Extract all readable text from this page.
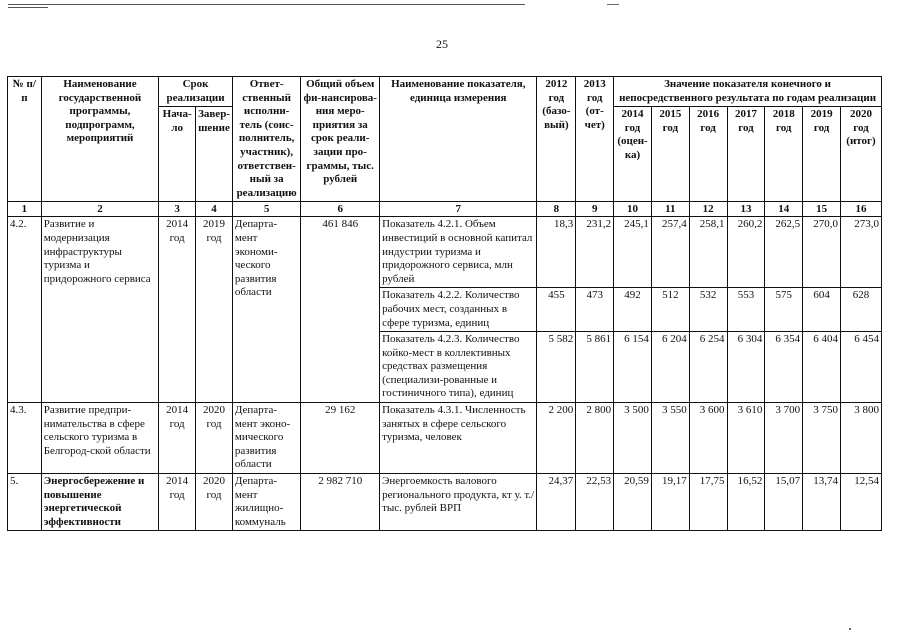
25
№ п/п	Наименование государственной программы, подпрограмм, мероприятий	Срок реализации		Ответ-ственный исполни-тель (соис-полнитель, участник), ответствен-ный за реализацию	Общий объем фи-нансирова-ния меро-приятия за срок реали-зации про-граммы, тыс. рублей	Наименование показателя, единица измерения	2012 год (базо-вый)	2013 год (от-чет)	Значение показателя конечного и непосредственного результата по годам реализации						
		Нача-ло	Завер-шение						2014 год (оцен-ка)	2015 год	2016 год	2017 год	2018 год	2019 год	2020 год (итог)

1	2	3	4	5	6	7	8	9	10	11	12	13	14	15	16
4.2.	Развитие и модернизация инфраструктуры туризма и придорожного сервиса	2014 год	2019 год	Департа-мент экономи-ческого развития области	461 846	Показатель 4.2.1. Объем инвестиций в основной капитал индустрии туризма и придорожного сервиса, млн рублей	18,3	231,2	245,1	257,4	258,1	260,2	262,5	270,0	273,0
						Показатель 4.2.2. Количество рабочих мест, созданных в сфере туризма, единиц	455	473	492	512	532	553	575	604	628
						Показатель 4.2.3. Количество койко-мест в коллективных средствах размещения (специализи-рованные и гостиничного типа), единиц	5 582	5 861	6 154	6 204	6 254	6 304	6 354	6 404	6 454
4.3.	Развитие предпри-нимательства в сфере сельского туризма в Белгород-ской области	2014 год	2020 год	Департа-мент эконо-мического развития области	29 162	Показатель 4.3.1. Численность занятых в сфере сельского туризма, человек	2 200	2 800	3 500	3 550	3 600	3 610	3 700	3 750	3 800
5.	Энергосбережение и повышение энергетической эффективности	2014 год	2020 год	Департа-мент жилищно-коммуналь	2 982 710	Энергоемкость валового регионального продукта, кт у. т./тыс. рублей ВРП	24,37	22,53	20,59	19,17	17,75	16,52	15,07	13,74	12,54
